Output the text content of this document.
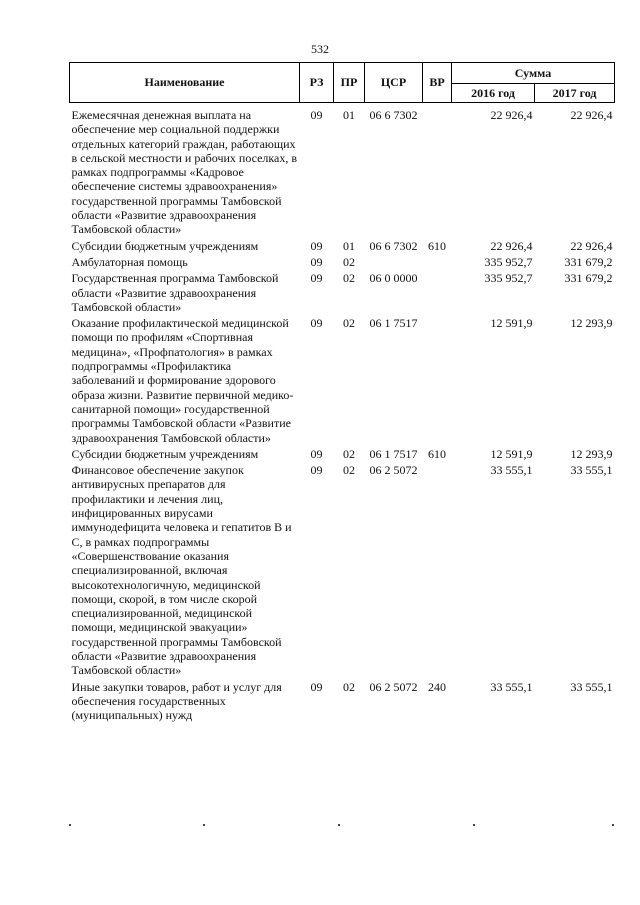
532
Наименование	РЗ	ПР	ЦСР	ВР	Сумма	
					2016 год	2017 год
Ежемесячная денежная выплата на обеспечение мер социальной поддержки отдельных категорий граждан, работающих в сельской местности и рабочих поселках, в рамках подпрограммы «Кадровое обеспечение системы здравоохранения» государственной программы Тамбовской области «Развитие здравоохранения Тамбовской области»	09	01	06 6 7302		22 926,4	22 926,4
Субсидии бюджетным учреждениям	09	01	06 6 7302	610	22 926,4	22 926,4
Амбулаторная помощь	09	02			335 952,7	331 679,2
Государственная программа Тамбовской области «Развитие здравоохранения Тамбовской области»	09	02	06 0 0000		335 952,7	331 679,2
Оказание профилактической медицинской помощи по профилям «Спортивная медицина», «Профпатология» в рамках подпрограммы «Профилактика заболеваний и формирование здорового образа жизни. Развитие первичной медико-санитарной помощи» государственной программы Тамбовской области «Развитие здравоохранения Тамбовской области»	09	02	06 1 7517		12 591,9	12 293,9
Субсидии бюджетным учреждениям	09	02	06 1 7517	610	12 591,9	12 293,9
Финансовое обеспечение закупок антивирусных препаратов для профилактики и лечения лиц, инфицированных вирусами иммунодефицита человека и гепатитов В и С, в рамках подпрограммы «Совершенствование оказания специализированной, включая высокотехнологичную, медицинской помощи, скорой, в том числе скорой специализированной, медицинской помощи, медицинской эвакуации» государственной программы Тамбовской области «Развитие здравоохранения Тамбовской области»	09	02	06 2 5072		33 555,1	33 555,1
Иные закупки товаров, работ и услуг для обеспечения государственных (муниципальных) нужд	09	02	06 2 5072	240	33 555,1	33 555,1
